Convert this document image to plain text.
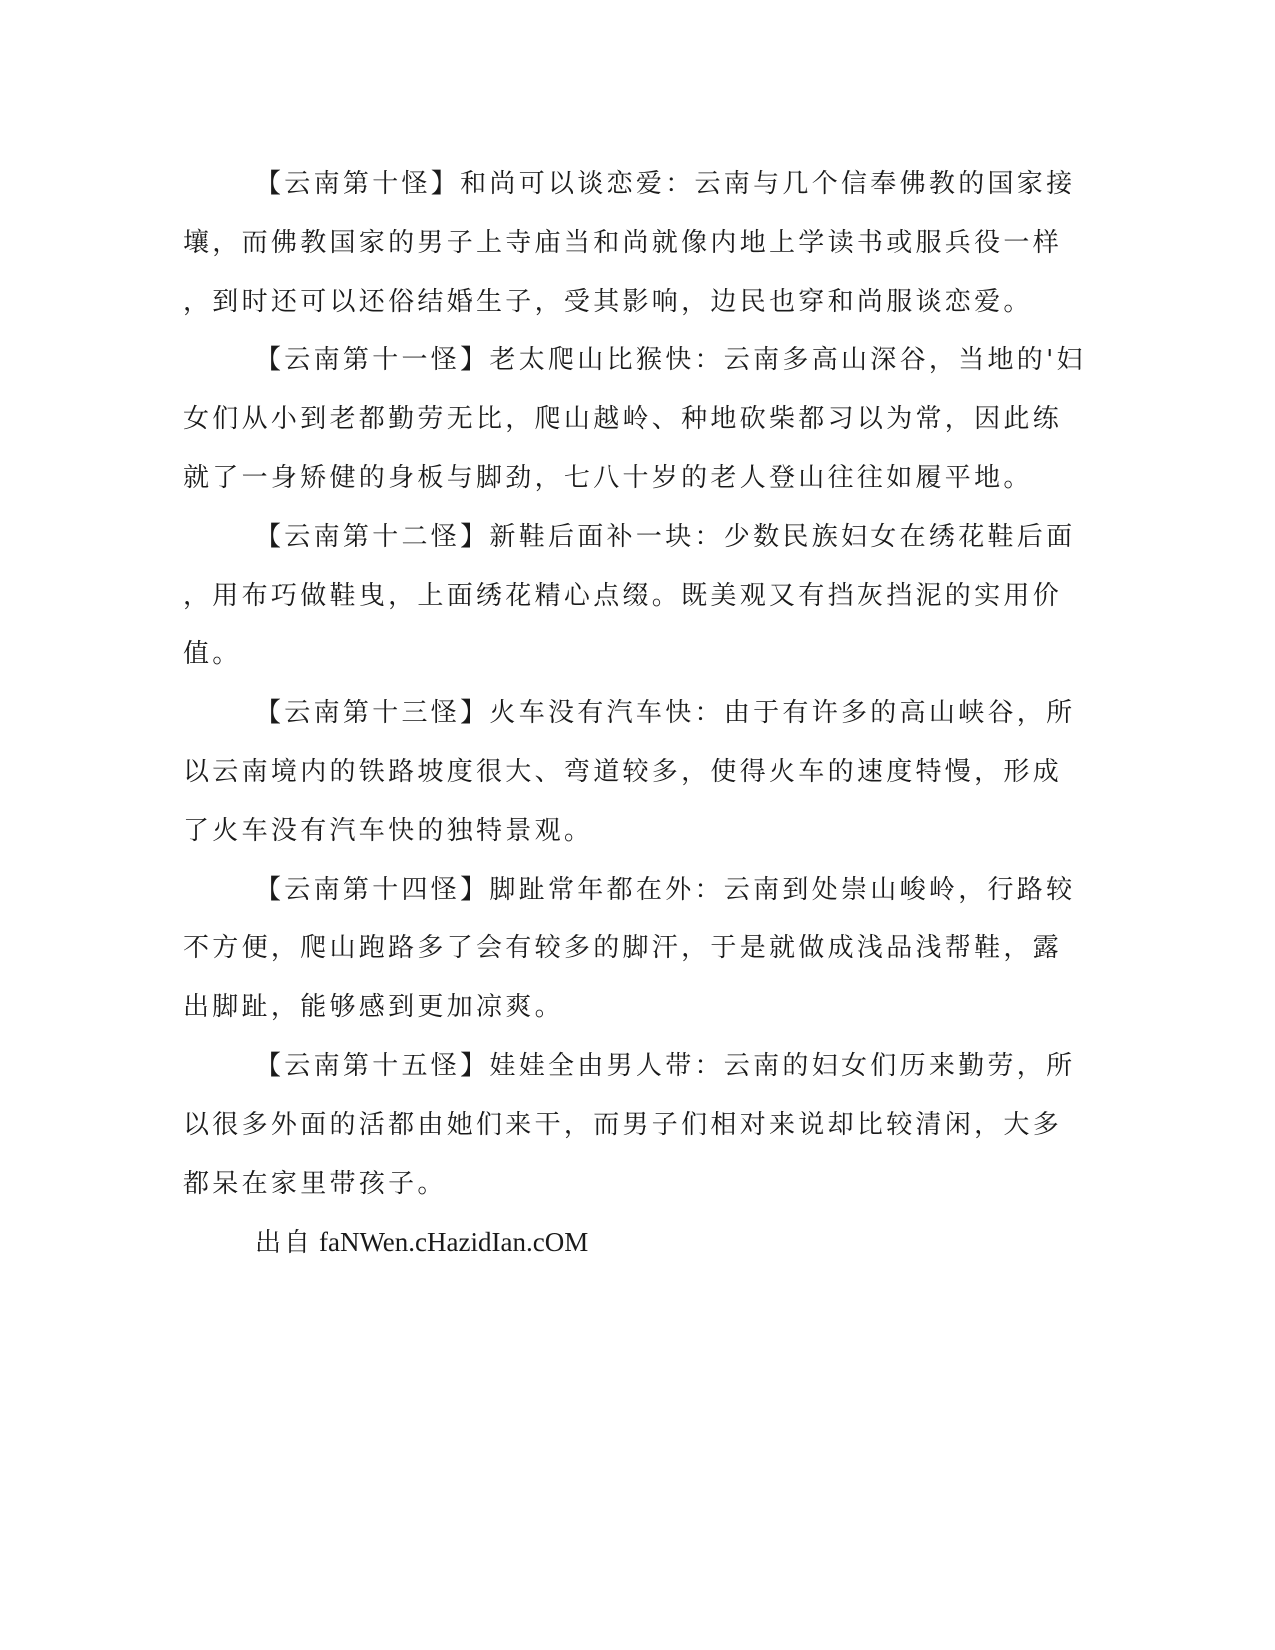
【云南第十怪】和尚可以谈恋爱：云南与几个信奉佛教的国家接
壤，而佛教国家的男子上寺庙当和尚就像内地上学读书或服兵役一样
，到时还可以还俗结婚生子，受其影响，边民也穿和尚服谈恋爱。
【云南第十一怪】老太爬山比猴快：云南多高山深谷，当地的'妇
女们从小到老都勤劳无比，爬山越岭、种地砍柴都习以为常，因此练
就了一身矫健的身板与脚劲，七八十岁的老人登山往往如履平地。
【云南第十二怪】新鞋后面补一块：少数民族妇女在绣花鞋后面
，用布巧做鞋曳，上面绣花精心点缀。既美观又有挡灰挡泥的实用价
值。
【云南第十三怪】火车没有汽车快：由于有许多的高山峡谷，所
以云南境内的铁路坡度很大、弯道较多，使得火车的速度特慢，形成
了火车没有汽车快的独特景观。
【云南第十四怪】脚趾常年都在外：云南到处崇山峻岭，行路较
不方便，爬山跑路多了会有较多的脚汗，于是就做成浅品浅帮鞋，露
出脚趾，能够感到更加凉爽。
【云南第十五怪】娃娃全由男人带：云南的妇女们历来勤劳，所
以很多外面的活都由她们来干，而男子们相对来说却比较清闲，大多
都呆在家里带孩子。
出自 faNWen.cHazidIan.cOM
